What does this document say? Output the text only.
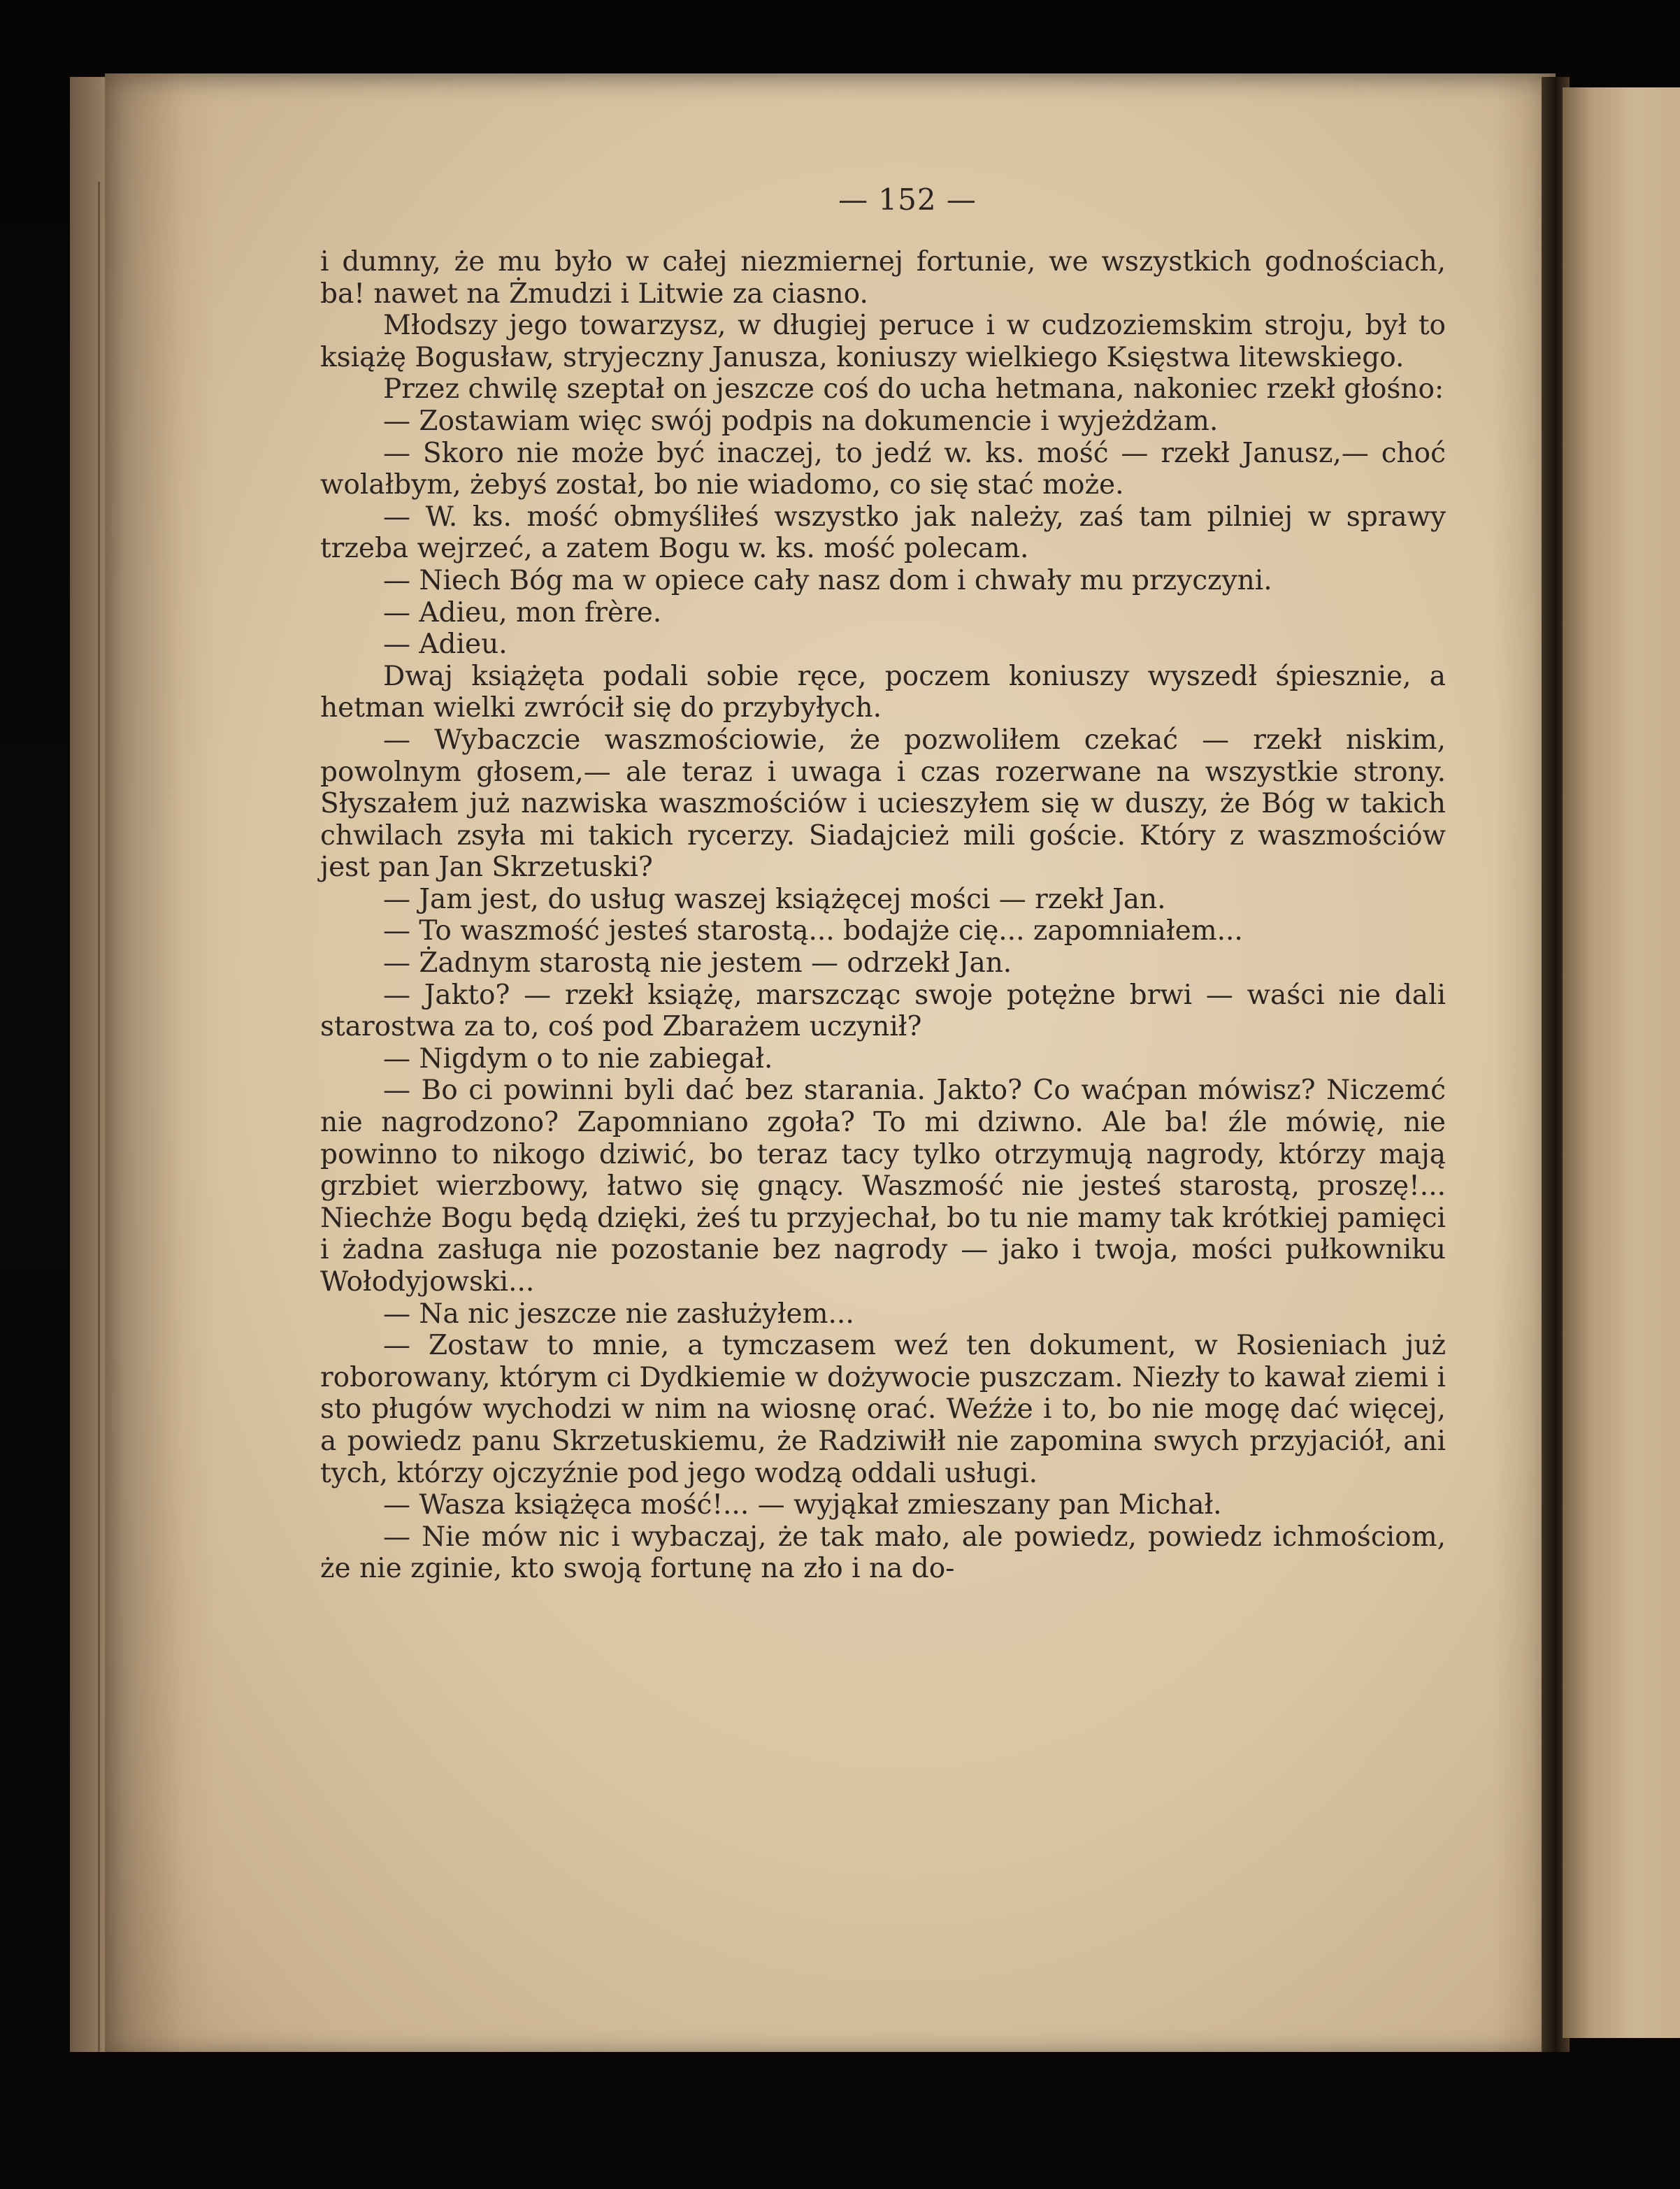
— 152 —

i dumny, że mu było w całej niezmiernej fortunie, we wszystkich godnościach, ba! nawet na Żmudzi i Litwie za ciasno.

Młodszy jego towarzysz, w długiej peruce i w cudzoziemskim stroju, był to książę Bogusław, stryjeczny Janusza, koniuszy wielkiego Księstwa litewskiego.

Przez chwilę szeptał on jeszcze coś do ucha hetmana, nakoniec rzekł głośno:

— Zostawiam więc swój podpis na dokumencie i wyjeżdżam.

— Skoro nie może być inaczej, to jedź w. ks. mość — rzekł Janusz,— choć wolałbym, żebyś został, bo nie wiadomo, co się stać może.

— W. ks. mość obmyśliłeś wszystko jak należy, zaś tam pilniej w sprawy trzeba wejrzeć, a zatem Bogu w. ks. mość polecam.

— Niech Bóg ma w opiece cały nasz dom i chwały mu przyczyni.

— Adieu, mon frère.

— Adieu.

Dwaj książęta podali sobie ręce, poczem koniuszy wyszedł śpiesznie, a hetman wielki zwrócił się do przybyłych.

— Wybaczcie waszmościowie, że pozwoliłem czekać — rzekł niskim, powolnym głosem,— ale teraz i uwaga i czas rozerwane na wszystkie strony. Słyszałem już nazwiska waszmościów i ucieszyłem się w duszy, że Bóg w takich chwilach zsyła mi takich rycerzy. Siadajcież mili goście. Który z waszmościów jest pan Jan Skrzetuski?

— Jam jest, do usług waszej książęcej mości — rzekł Jan.

— To waszmość jesteś starostą... bodajże cię... zapomniałem...

— Żadnym starostą nie jestem — odrzekł Jan.

— Jakto? — rzekł książę, marszcząc swoje potężne brwi — waści nie dali starostwa za to, coś pod Zbarażem uczynił?

— Nigdym o to nie zabiegał.

— Bo ci powinni byli dać bez starania. Jakto? Co waćpan mówisz? Niczemć nie nagrodzono? Zapomniano zgoła? To mi dziwno. Ale ba! źle mówię, nie powinno to nikogo dziwić, bo teraz tacy tylko otrzymują nagrody, którzy mają grzbiet wierzbowy, łatwo się gnący. Waszmość nie jesteś starostą, proszę!... Niechże Bogu będą dzięki, żeś tu przyjechał, bo tu nie mamy tak krótkiej pamięci i żadna zasługa nie pozostanie bez nagrody — jako i twoja, mości pułkowniku Wołodyjowski...

— Na nic jeszcze nie zasłużyłem...

— Zostaw to mnie, a tymczasem weź ten dokument, w Rosieniach już roborowany, którym ci Dydkiemie w dożywocie puszczam. Niezły to kawał ziemi i sto pługów wychodzi w nim na wiosnę orać. Weźże i to, bo nie mogę dać więcej, a powiedz panu Skrzetuskiemu, że Radziwiłł nie zapomina swych przyjaciół, ani tych, którzy ojczyźnie pod jego wodzą oddali usługi.

— Wasza książęca mość!... — wyjąkał zmieszany pan Michał.

— Nie mów nic i wybaczaj, że tak mało, ale powiedz, powiedz ichmościom, że nie zginie, kto swoją fortunę na zło i na do-
